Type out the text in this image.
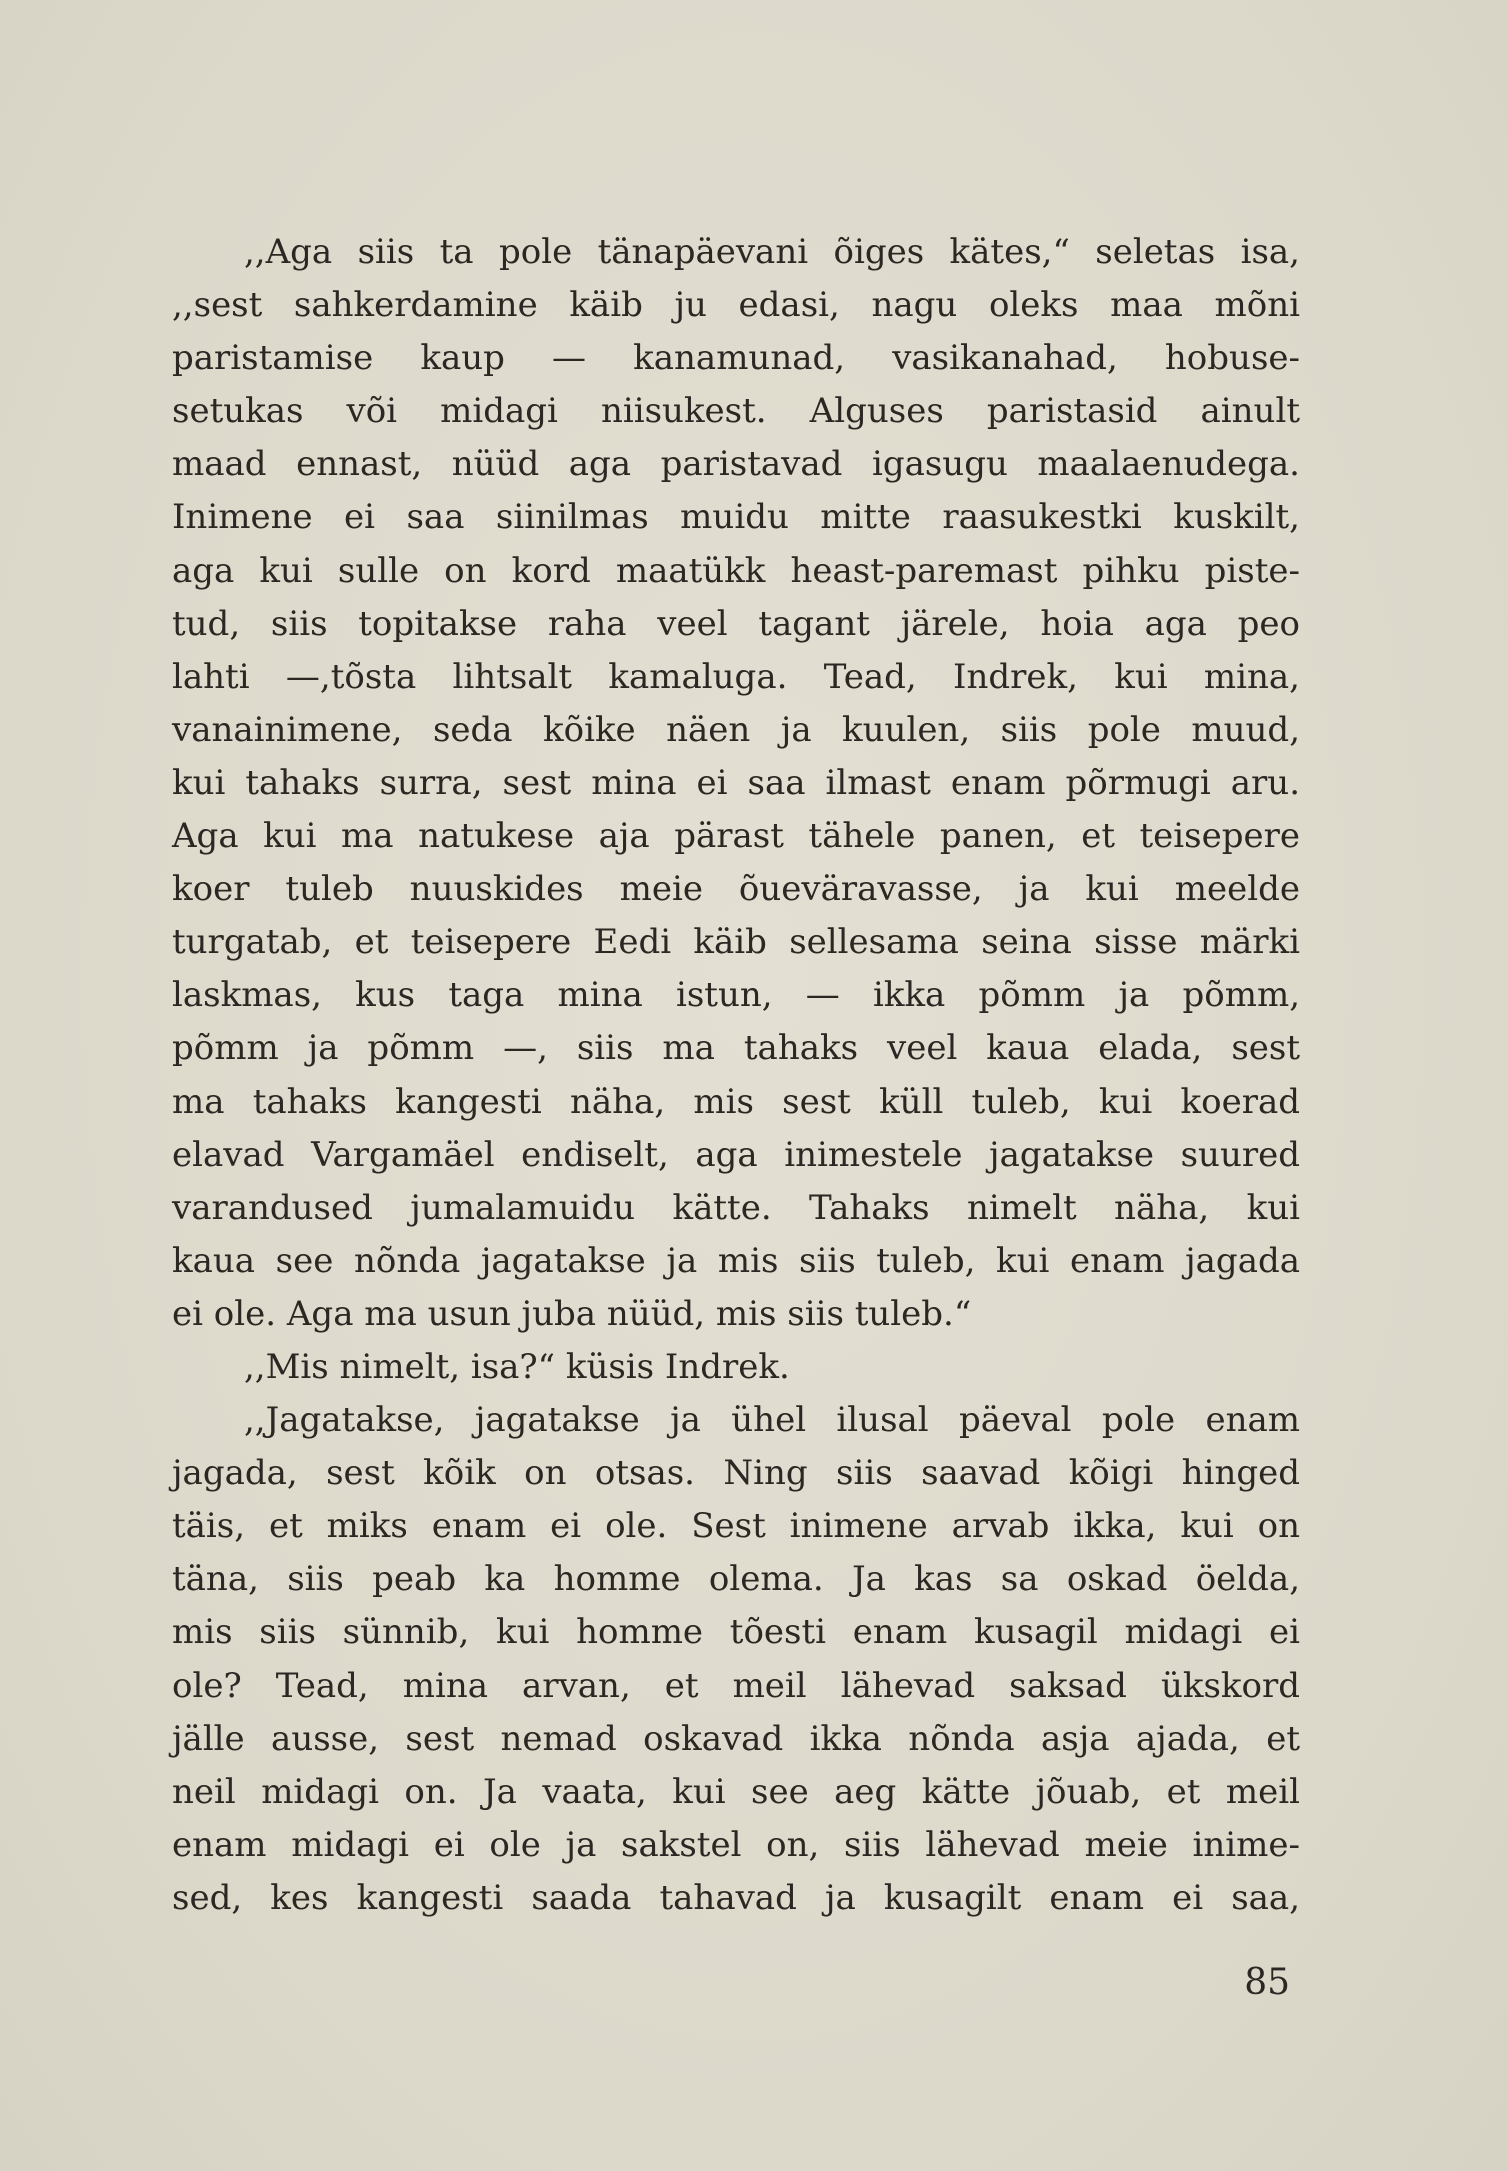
,,Aga siis ta pole tänapäevani õiges kätes,“ seletas isa,
,,sest sahkerdamine käib ju edasi, nagu oleks maa mõni
paristamise kaup — kanamunad, vasikanahad, hobuse-
setukas või midagi niisukest. Alguses paristasid ainult
maad ennast, nüüd aga paristavad igasugu maalaenudega.
Inimene ei saa siinilmas muidu mitte raasukestki kuskilt,
aga kui sulle on kord maatükk heast-paremast pihku piste-
tud, siis topitakse raha veel tagant järele, hoia aga peo
lahti —,tõsta lihtsalt kamaluga. Tead, Indrek, kui mina,
vanainimene, seda kõike näen ja kuulen, siis pole muud,
kui tahaks surra, sest mina ei saa ilmast enam põrmugi aru.
Aga kui ma natukese aja pärast tähele panen, et teisepere
koer tuleb nuuskides meie õueväravasse, ja kui meelde
turgatab, et teisepere Eedi käib sellesama seina sisse märki
laskmas, kus taga mina istun, — ikka põmm ja põmm,
põmm ja põmm —, siis ma tahaks veel kaua elada, sest
ma tahaks kangesti näha, mis sest küll tuleb, kui koerad
elavad Vargamäel endiselt, aga inimestele jagatakse suured
varandused jumalamuidu kätte. Tahaks nimelt näha, kui
kaua see nõnda jagatakse ja mis siis tuleb, kui enam jagada
ei ole. Aga ma usun juba nüüd, mis siis tuleb.“
,,Mis nimelt, isa?“ küsis Indrek.
,,Jagatakse, jagatakse ja ühel ilusal päeval pole enam
jagada, sest kõik on otsas. Ning siis saavad kõigi hinged
täis, et miks enam ei ole. Sest inimene arvab ikka, kui on
täna, siis peab ka homme olema. Ja kas sa oskad öelda,
mis siis sünnib, kui homme tõesti enam kusagil midagi ei
ole? Tead, mina arvan, et meil lähevad saksad ükskord
jälle ausse, sest nemad oskavad ikka nõnda asja ajada, et
neil midagi on. Ja vaata, kui see aeg kätte jõuab, et meil
enam midagi ei ole ja sakstel on, siis lähevad meie inime-
sed, kes kangesti saada tahavad ja kusagilt enam ei saa,
85
